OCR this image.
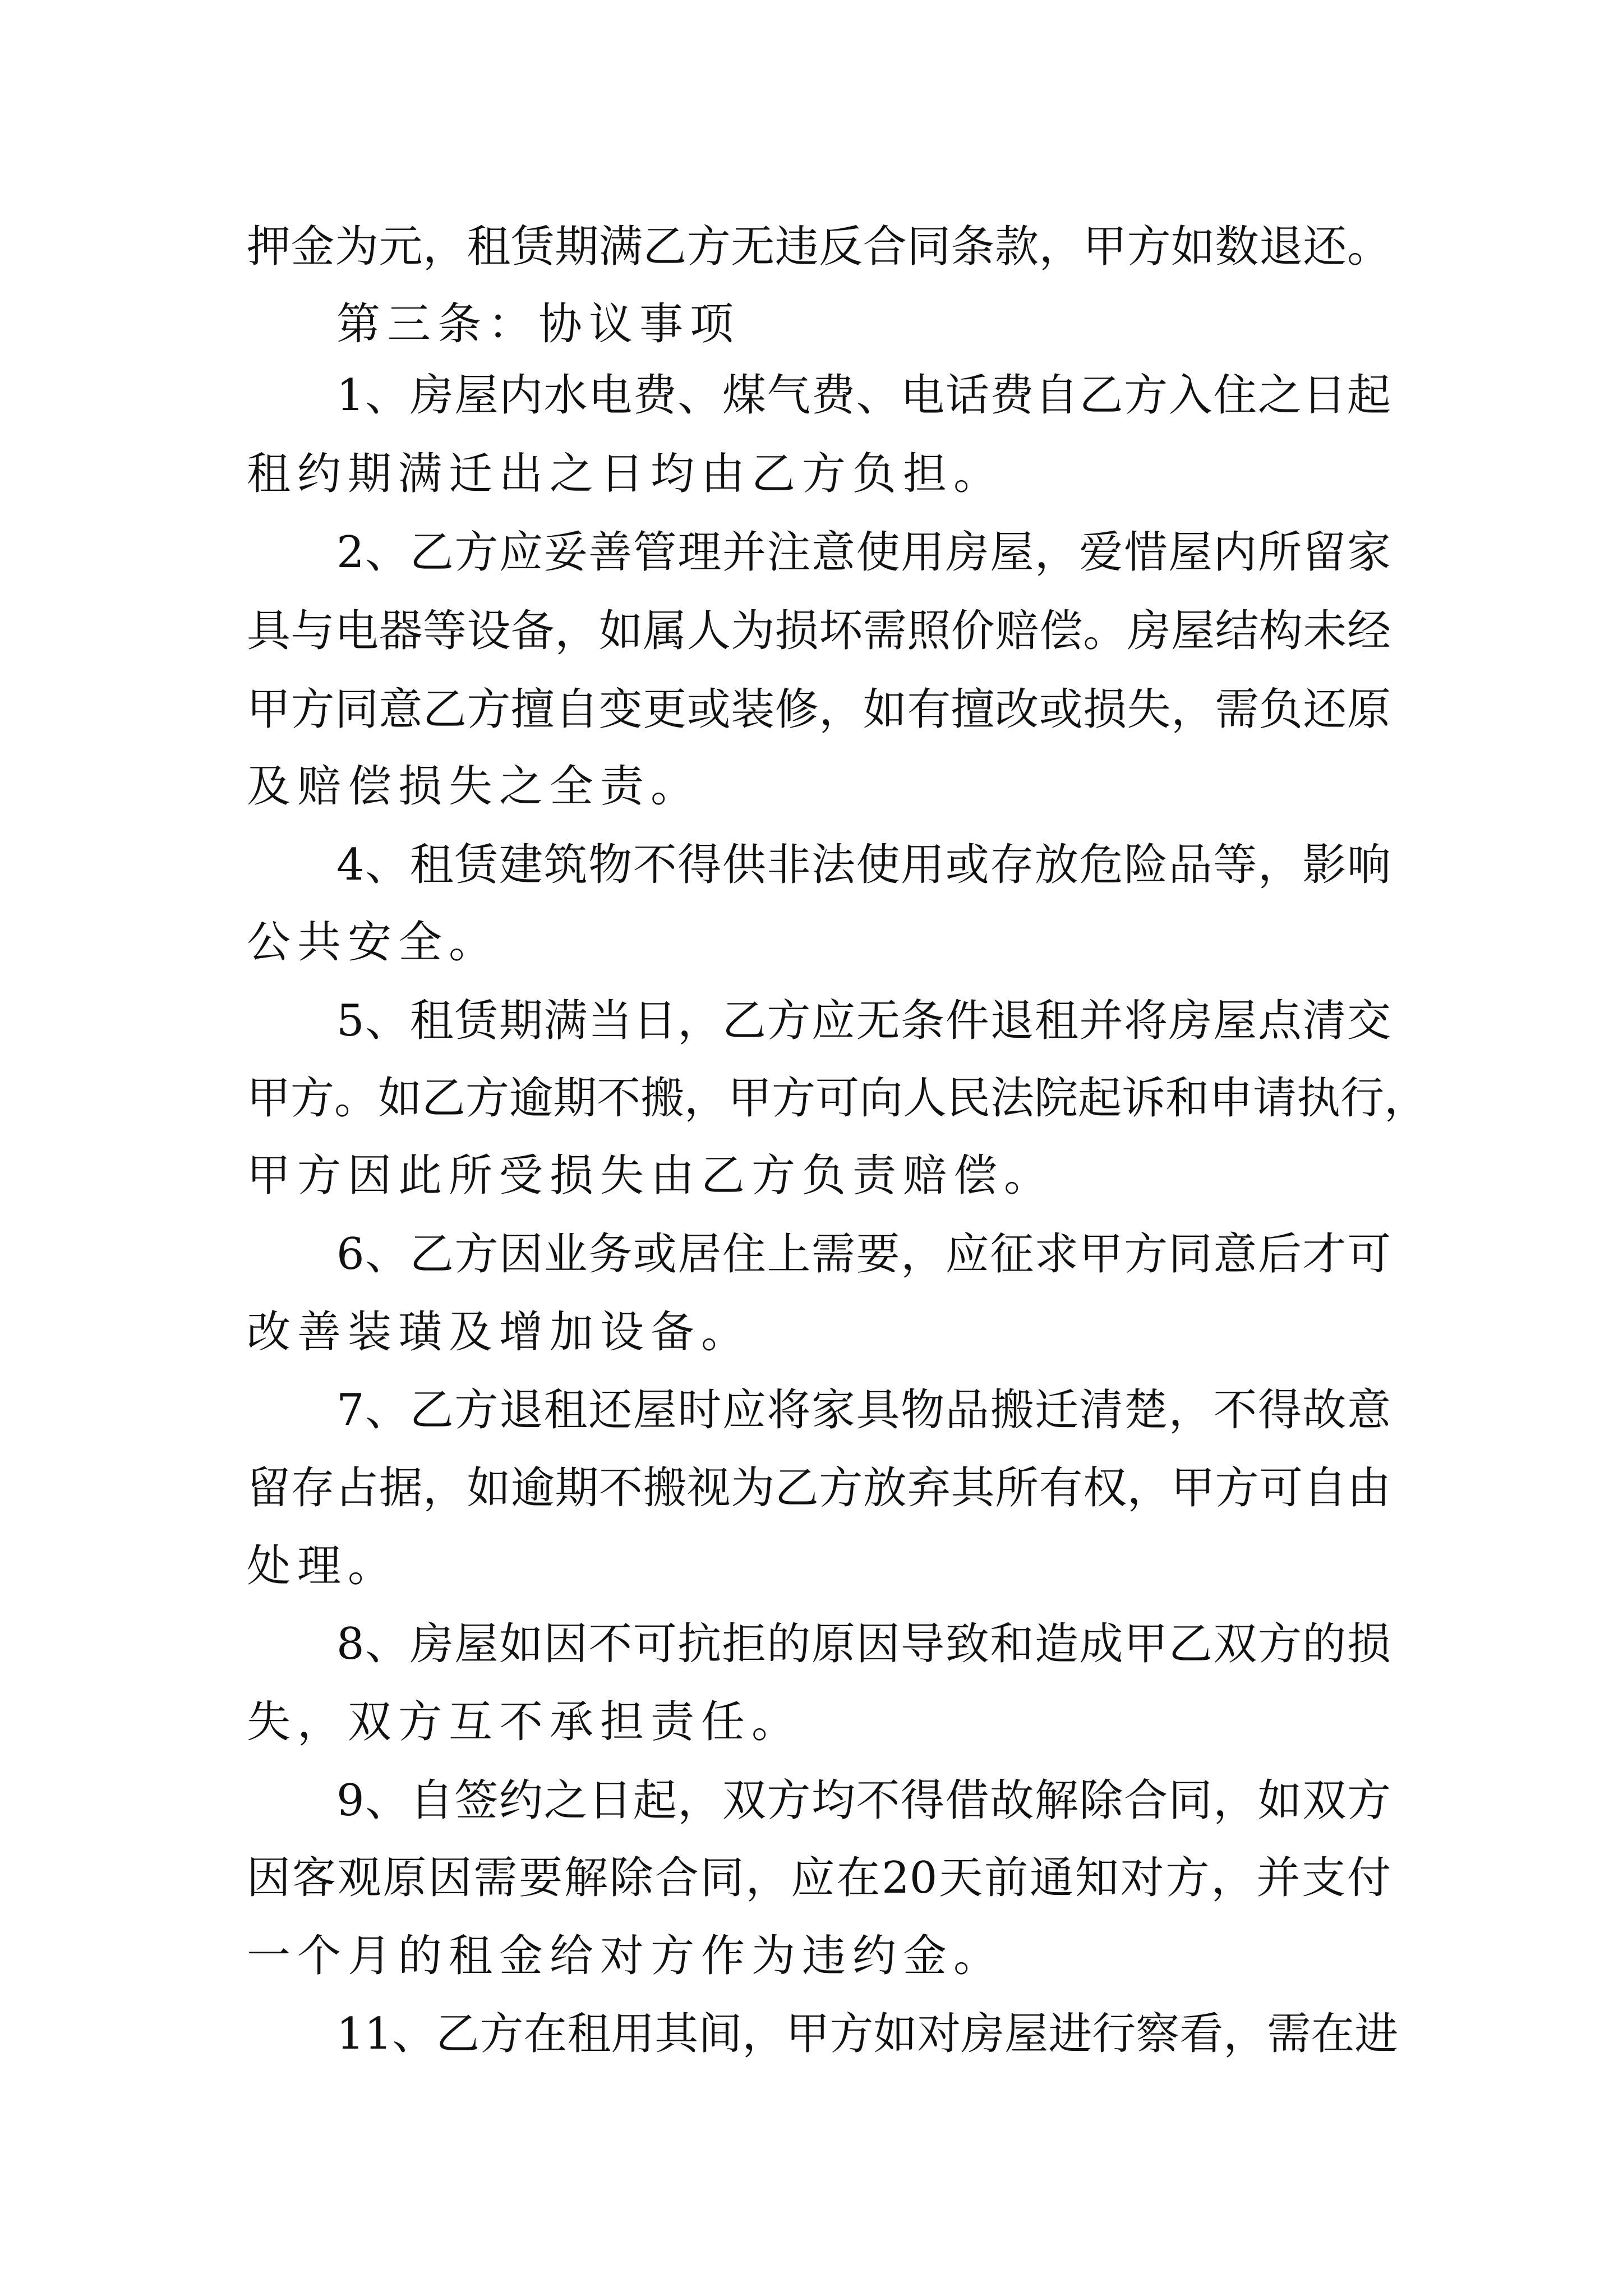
押金为元，租赁期满乙方无违反合同条款，甲方如数退还。
第三条：协议事项
1、房屋内水电费、煤气费、电话费自乙方入住之日起
租约期满迁出之日均由乙方负担。
2、乙方应妥善管理并注意使用房屋，爱惜屋内所留家
具与电器等设备，如属人为损坏需照价赔偿。房屋结构未经
甲方同意乙方擅自变更或装修，如有擅改或损失，需负还原
及赔偿损失之全责。
4、租赁建筑物不得供非法使用或存放危险品等，影响
公共安全。
5、租赁期满当日，乙方应无条件退租并将房屋点清交
甲方。如乙方逾期不搬，甲方可向人民法院起诉和申请执行，
甲方因此所受损失由乙方负责赔偿。
6、乙方因业务或居住上需要，应征求甲方同意后才可
改善装璜及增加设备。
7、乙方退租还屋时应将家具物品搬迁清楚，不得故意
留存占据，如逾期不搬视为乙方放弃其所有权，甲方可自由
处理。
8、房屋如因不可抗拒的原因导致和造成甲乙双方的损
失，双方互不承担责任。
9、自签约之日起，双方均不得借故解除合同，如双方
因客观原因需要解除合同，应在20天前通知对方，并支付
一个月的租金给对方作为违约金。
11、乙方在租用其间，甲方如对房屋进行察看，需在进
